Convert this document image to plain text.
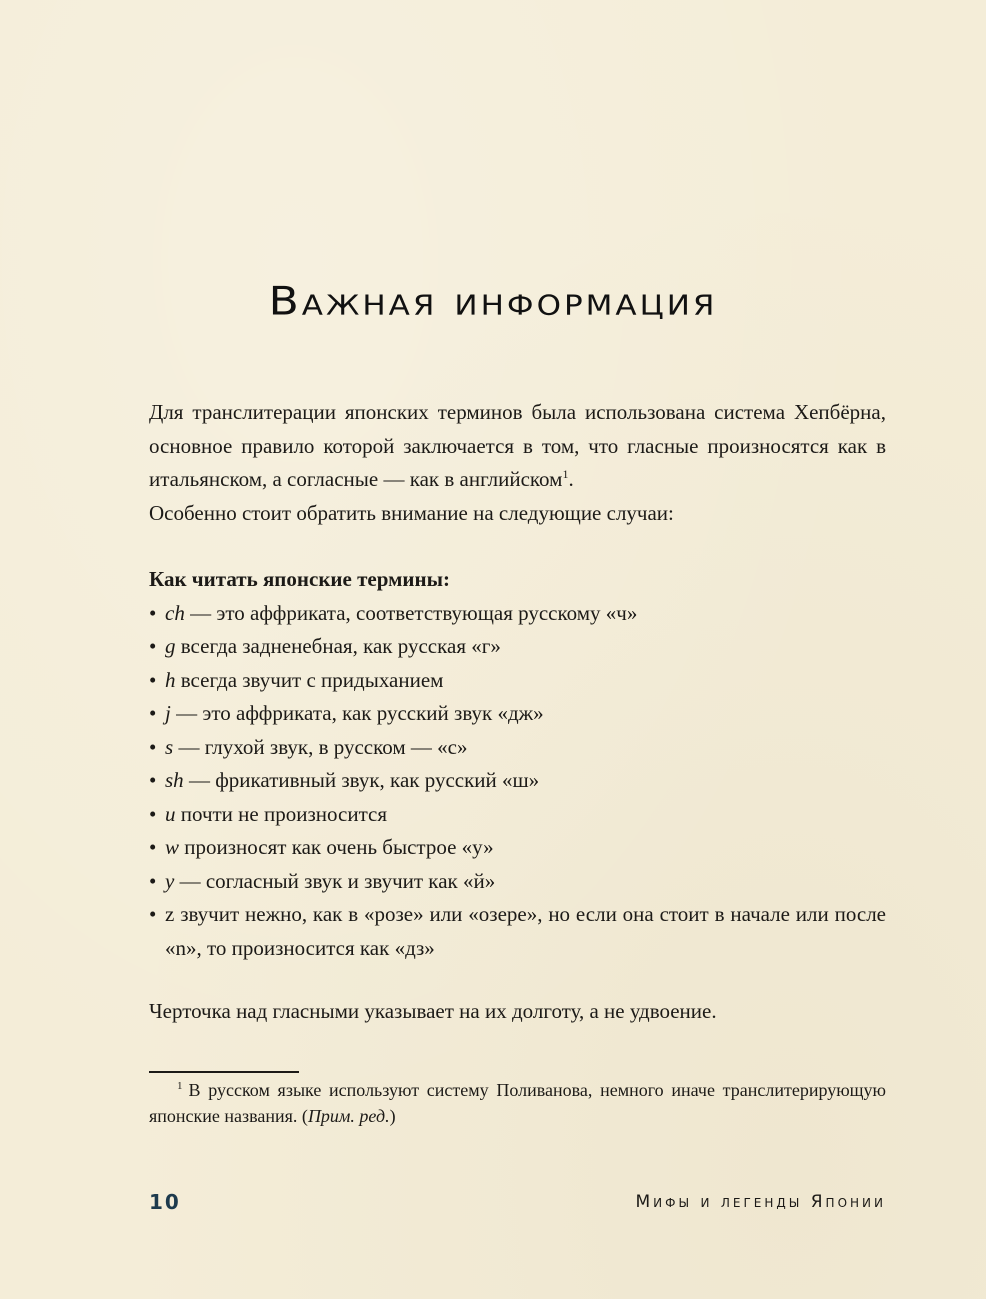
Важная информация

Для транслитерации японских терминов была использована система Хепбёрна, основное правило которой заключается в том, что гласные произносятся как в итальянском, а согласные — как в английском$^1$.

Особенно стоит обратить внимание на следующие случаи:

Как читать японские термины:

• ch — это аффриката, соответствующая русскому «ч»
• g всегда задненебная, как русская «г»
• h всегда звучит с придыханием
• j — это аффриката, как русский звук «дж»
• s — глухой звук, в русском — «с»
• sh — фрикативный звук, как русский «ш»
• u почти не произносится
• w произносят как очень быстрое «у»
• y — согласный звук и звучит как «й»
• z звучит нежно, как в «розе» или «озере», но если она стоит в начале или после «n», то произносится как «дз»

Черточка над гласными указывает на их долготу, а не удвоение.

$^1$ В русском языке используют систему Поливанова, немного иначе транслитерирующую японские названия. (Прим. ред.)

10	Мифы и легенды Японии
